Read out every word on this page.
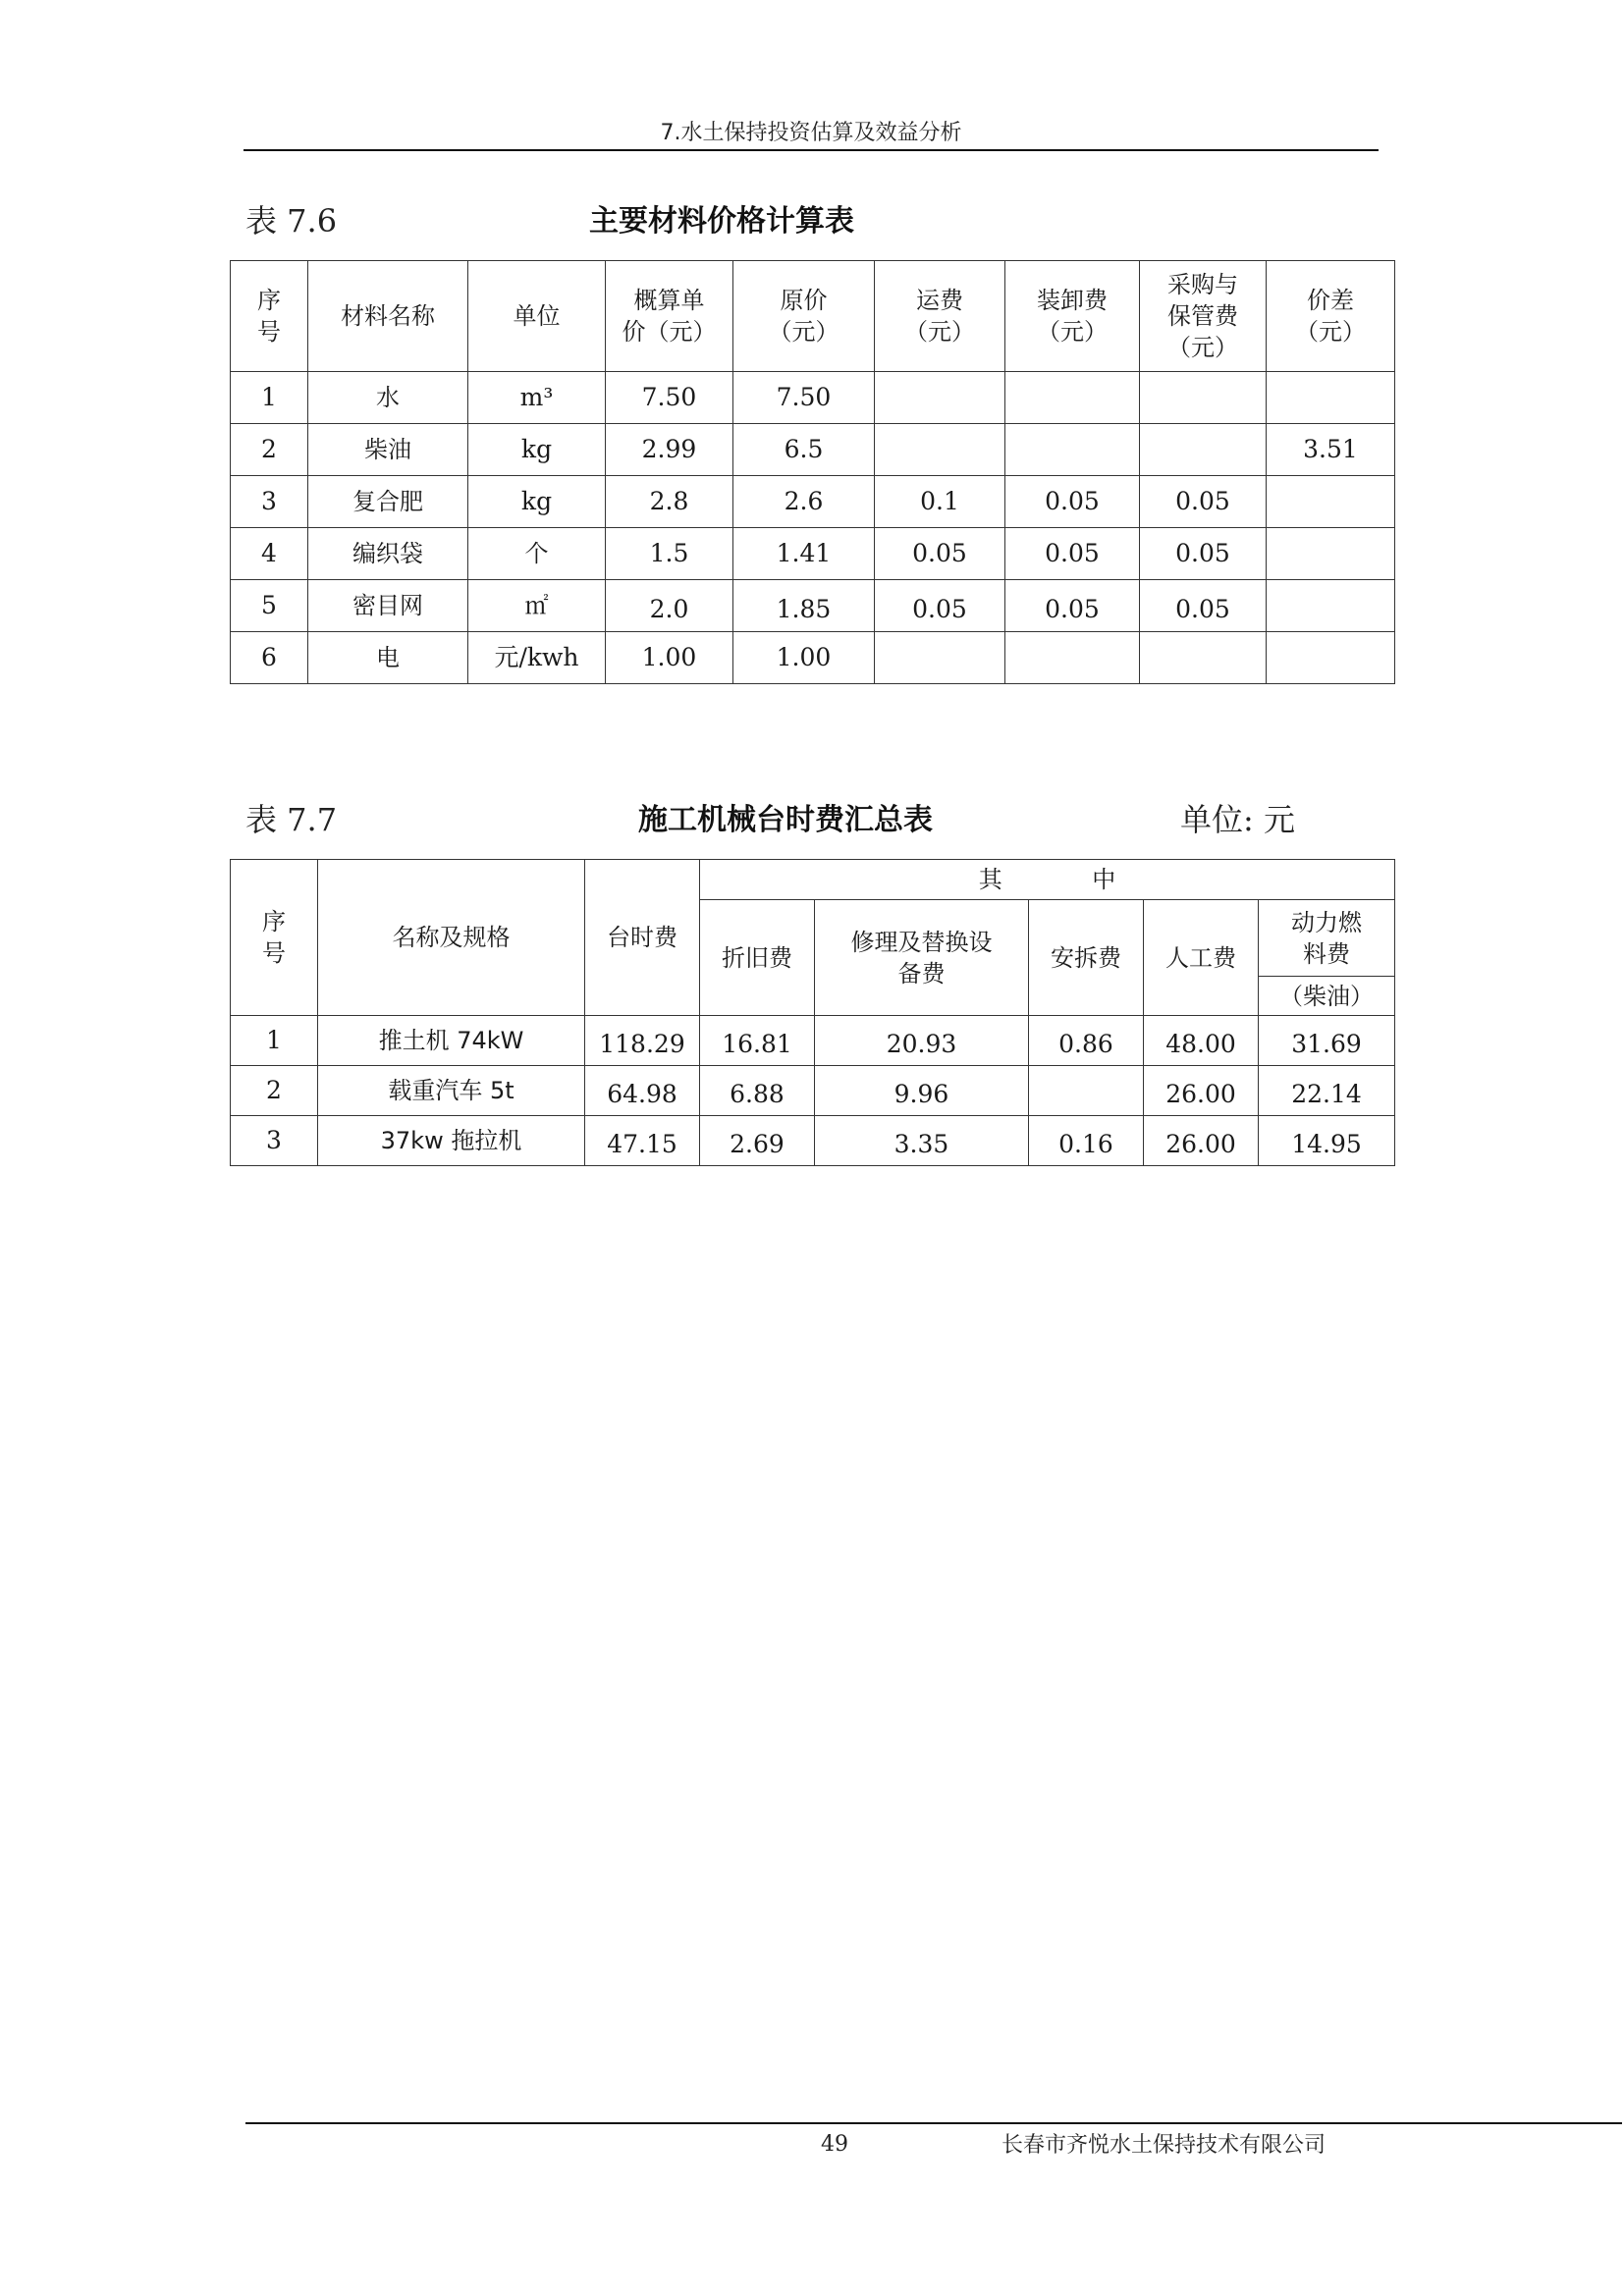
7.水土保持投资估算及效益分析
表 7.6	主要材料价格计算表
序
号	材料名称	单位	概算单
价（元）	原价
（元）	运费
（元）	装卸费
（元）	采购与
保管费
（元）	价差
（元）

1	水	m³	7.50	7.50				
2	柴油	kg	2.99	6.5				3.51
3	复合肥	kg	2.8	2.6	0.1	0.05	0.05	
4	编织袋	个	1.5	1.41	0.05	0.05	0.05	
5	密目网	㎡	2.0	1.85	0.05	0.05	0.05	
6	电	元/kwh	1.00	1.00				
表 7.7	施工机械台时费汇总表	单位: 元
序
号	名称及规格	台时费	其            中				
			折旧费	修理及替换设
备费	安拆费	人工费	动力燃
料费

							（柴油）
1	推土机 74kW	118.29	16.81	20.93	0.86	48.00	31.69
2	载重汽车 5t	64.98	6.88	9.96		26.00	22.14
3	37kw 拖拉机	47.15	2.69	3.35	0.16	26.00	14.95
49	长春市齐悦水土保持技术有限公司
